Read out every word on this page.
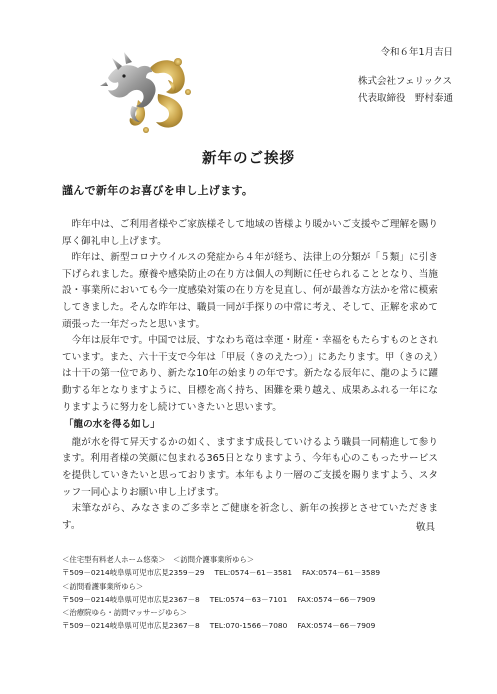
令和６年1月吉日
株式会社フェリックス
代表取締役　野村泰通
新年のご挨拶
謹んで新年のお喜びを申し上げます。

昨年中は、ご利用者様やご家族様そして地域の皆様より暖かいご支援やご理解を賜り厚く御礼申し上げます。

昨年は、新型コロナウイルスの発症から４年が経ち、法律上の分類が「５類」に引き下げられました。療養や感染防止の在り方は個人の判断に任せられることとなり、当施設・事業所においても今一度感染対策の在り方を見直し、何が最善な方法かを常に模索してきました。そんな昨年は、職員一同が手探りの中常に考え、そして、正解を求めて頑張った一年だったと思います。

今年は辰年です。中国では辰、すなわち竜は幸運・財産・幸福をもたらすものとされています。また、六十干支で今年は「甲辰（きのえたつ）」にあたります。甲（きのえ）は十干の第一位であり、新たな10年の始まりの年です。新たなる辰年に、龍のように躍動する年となりますように、目標を高く持ち、困難を乗り越え、成果あふれる一年になりますように努力をし続けていきたいと思います。

「龍の水を得る如し」

龍が水を得て昇天するかの如く、ますます成長していけるよう職員一同精進して参ります。利用者様の笑顔に包まれる365日となりますよう、今年も心のこもったサービスを提供していきたいと思っております。本年もより一層のご支援を賜りますよう、スタッフ一同心よりお願い申し上げます。

末筆ながら、みなさまのご多幸とご健康を祈念し、新年の挨拶とさせていただきます。	敬具
＜住宅型有料老人ホーム悠楽＞　＜訪問介護事業所ゆら＞
〒509－0214岐阜県可児市広見2359－29 TEL:0574－61－3581 FAX:0574－61－3589
＜訪問看護事業所ゆら＞
〒509－0214岐阜県可児市広見2367－8 TEL:0574－63－7101 FAX:0574－66－7909
＜治療院ゆら・訪問マッサージゆら＞
〒509－0214岐阜県可児市広見2367－8 TEL:070-1566－7080 FAX:0574－66－7909
